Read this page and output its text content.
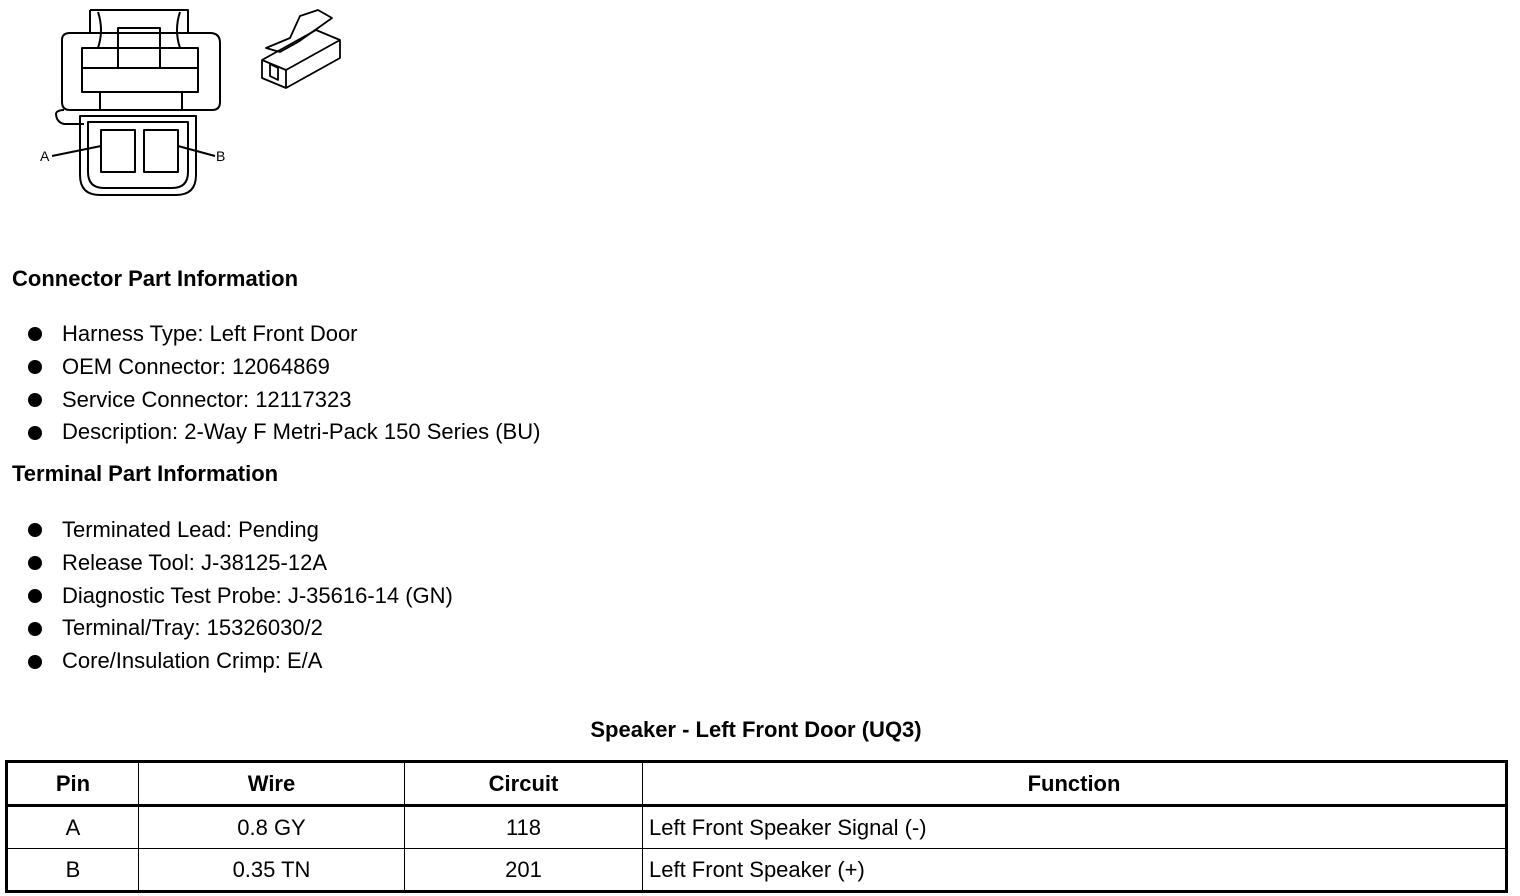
A	B
Connector Part Information
Harness Type: Left Front Door
OEM Connector: 12064869
Service Connector: 12117323
Description: 2-Way F Metri-Pack 150 Series (BU)
Terminal Part Information
Terminated Lead: Pending
Release Tool: J-38125-12A
Diagnostic Test Probe: J-35616-14 (GN)
Terminal/Tray: 15326030/2
Core/Insulation Crimp: E/A
Speaker - Left Front Door (UQ3)
Pin	Wire	Circuit	Function
A	0.8 GY	118	Left Front Speaker Signal (-)
B	0.35 TN	201	Left Front Speaker (+)
